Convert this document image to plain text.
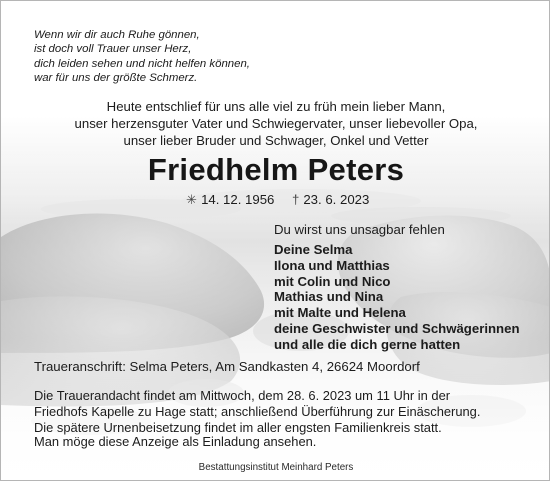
Wenn wir dir auch Ruhe gönnen,
ist doch voll Trauer unser Herz,
dich leiden sehen und nicht helfen können,
war für uns der größte Schmerz.
Heute entschlief für uns alle viel zu früh mein lieber Mann,
unser herzensguter Vater und Schwiegervater, unser liebevoller Opa,
unser lieber Bruder und Schwager, Onkel und Vetter
Friedhelm Peters
✳ 14. 12. 1956 † 23. 6. 2023
Du wirst uns unsagbar fehlen
Deine Selma
Ilona und Matthias
mit Colin und Nico
Mathias und Nina
mit Malte und Helena
deine Geschwister und Schwägerinnen
und alle die dich gerne hatten
Traueranschrift: Selma Peters, Am Sandkasten 4, 26624 Moordorf
Die Trauerandacht findet am Mittwoch, dem 28. 6. 2023 um 11 Uhr in der
Friedhofs Kapelle zu Hage statt; anschließend Überführung zur Einäscherung.
Die spätere Urnenbeisetzung findet im aller engsten Familienkreis statt.
Man möge diese Anzeige als Einladung ansehen.
Bestattungsinstitut Meinhard Peters
